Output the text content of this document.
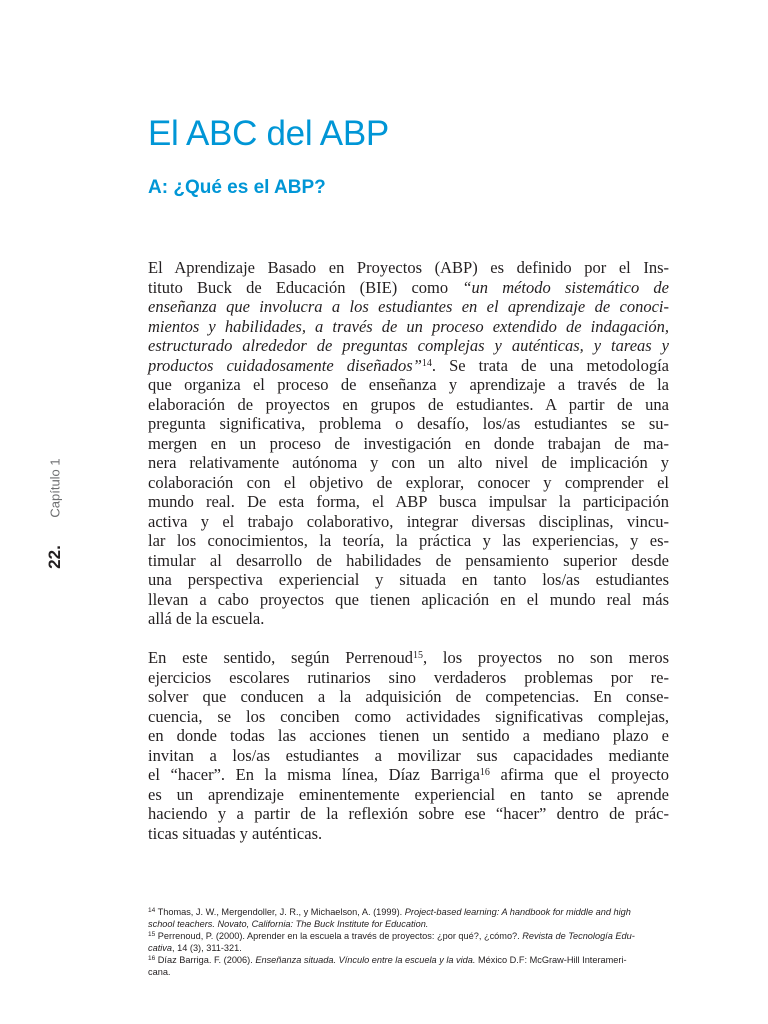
El ABC del ABP
A: ¿Qué es el ABP?
Capítulo 1
22.
El Aprendizaje Basado en Proyectos (ABP) es definido por el Ins-
tituto Buck de Educación (BIE) como “un método sistemático de
enseñanza que involucra a los estudiantes en el aprendizaje de conoci-
mientos y habilidades, a través de un proceso extendido de indagación,
estructurado alrededor de preguntas complejas y auténticas, y tareas y
productos cuidadosamente diseñados”$^{14}$. Se trata de una metodología
que organiza el proceso de enseñanza y aprendizaje a través de la
elaboración de proyectos en grupos de estudiantes. A partir de una
pregunta significativa, problema o desafío, los/as estudiantes se su-
mergen en un proceso de investigación en donde trabajan de ma-
nera relativamente autónoma y con un alto nivel de implicación y
colaboración con el objetivo de explorar, conocer y comprender el
mundo real. De esta forma, el ABP busca impulsar la participación
activa y el trabajo colaborativo, integrar diversas disciplinas, vincu-
lar los conocimientos, la teoría, la práctica y las experiencias, y es-
timular al desarrollo de habilidades de pensamiento superior desde
una perspectiva experiencial y situada en tanto los/as estudiantes
llevan a cabo proyectos que tienen aplicación en el mundo real más
allá de la escuela.
En este sentido, según Perrenoud$^{15}$, los proyectos no son meros
ejercicios escolares rutinarios sino verdaderos problemas por re-
solver que conducen a la adquisición de competencias. En conse-
cuencia, se los conciben como actividades significativas complejas,
en donde todas las acciones tienen un sentido a mediano plazo e
invitan a los/as estudiantes a movilizar sus capacidades mediante
el “hacer”. En la misma línea, Díaz Barriga$^{16}$ afirma que el proyecto
es un aprendizaje eminentemente experiencial en tanto se aprende
haciendo y a partir de la reflexión sobre ese “hacer” dentro de prác-
ticas situadas y auténticas.
$^{14}$ Thomas, J. W., Mergendoller, J. R., y Michaelson, A. (1999). Project-based learning: A handbook for middle and high
school teachers. Novato, California: The Buck Institute for Education.
$^{15}$ Perrenoud, P. (2000). Aprender en la escuela a través de proyectos: ¿por qué?, ¿cómo?. Revista de Tecnología Edu-
cativa, 14 (3), 311-321.
$^{16}$ Díaz Barriga. F. (2006). Enseñanza situada. Vínculo entre la escuela y la vida. México D.F: McGraw-Hill Interameri-
cana.
